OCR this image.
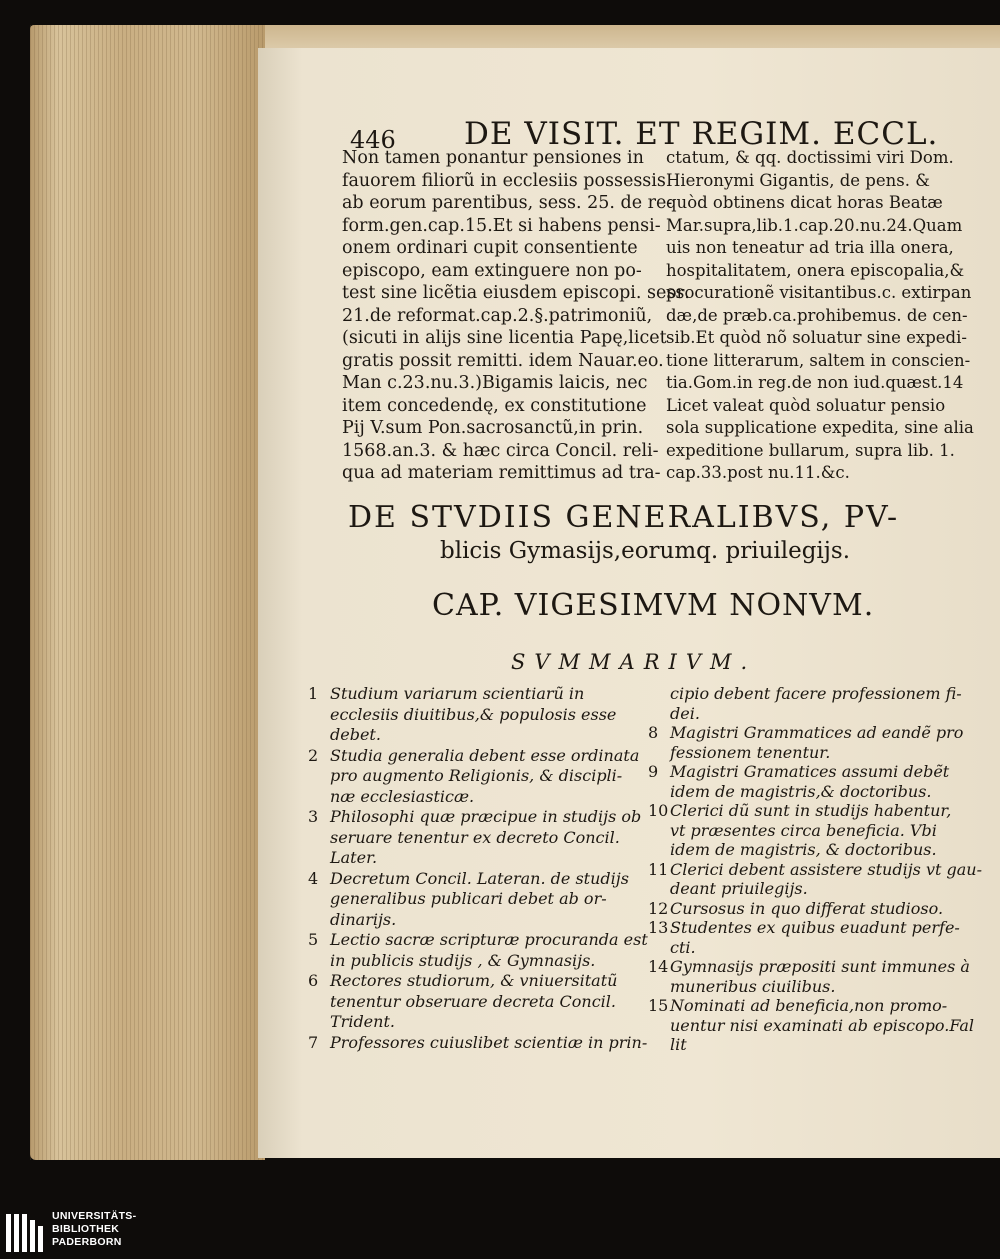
446 DE VISIT. ET REGIM. ECCL.
Non tamen ponantur pensiones in
fauorem filiorũ in ecclesiis possessis
ab eorum parentibus, sess. 25. de re-
form.gen.cap.15.Et si habens pensi-
onem ordinari cupit consentiente
episcopo, eam extinguere non po-
test sine licẽtia eiusdem episcopi. sess.
21.de reformat.cap.2.§.patrimoniũ,
(sicuti in alijs sine licentia Papę,licet
gratis possit remitti. idem Nauar.eo.
Man c.23.nu.3.)Bigamis laicis, nec
item concedendę, ex constitutione
Pij V.sum Pon.sacrosanctũ,in prin.
1568.an.3. & hæc circa Concil. reli-
qua ad materiam remittimus ad tra-
ctatum, & qq. doctissimi viri Dom.
Hieronymi Gigantis, de pens. &
quòd obtinens dicat horas Beatæ
Mar.supra,lib.1.cap.20.nu.24.Quam
uis non teneatur ad tria illa onera,
hospitalitatem, onera episcopalia,&
procurationẽ visitantibus.c. extirpan
dæ,de præb.ca.prohibemus. de cen-
sib.Et quòd nõ soluatur sine expedi-
tione litterarum, saltem in conscien-
tia.Gom.in reg.de non iud.quæst.14
Licet valeat quòd soluatur pensio
sola supplicatione expedita, sine alia
expeditione bullarum, supra lib. 1.
cap.33.post nu.11.&c.
DE STVDIIS GENERALIBVS, PV-
blicis Gymasijs,eorumq. priuilegijs.
CAP. VIGESIMVM NONVM.
SVMMARIVM.
1 Studium variarum scientiarũ in
ecclesiis diuitibus,& populosis esse
debet.
2 Studia generalia debent esse ordinata
pro augmento Religionis, & discipli-
næ ecclesiasticæ.
3 Philosophi quæ præcipue in studijs ob
seruare tenentur ex decreto Concil.
Later.
4 Decretum Concil. Lateran. de studijs
generalibus publicari debet ab or-
dinarijs.
5 Lectio sacræ scripturæ procuranda est
in publicis studijs , & Gymnasijs.
6 Rectores studiorum, & vniuersitatũ
tenentur obseruare decreta Concil.
Trident.
7 Professores cuiuslibet scientiæ in prin-
cipio debent facere professionem fi-
dei.
8 Magistri Grammatices ad eandẽ pro
fessionem tenentur.
9 Magistri Gramatices assumi debẽt
idem de magistris,& doctoribus.
10 Clerici dũ sunt in studijs habentur,
vt præsentes circa beneficia. Vbi
idem de magistris, & doctoribus.
11 Clerici debent assistere studijs vt gau-
deant priuilegijs.
12 Cursosus in quo differat studioso.
13 Studentes ex quibus euadunt perfe-
cti.
14 Gymnasijs præpositi sunt immunes à
muneribus ciuilibus.
15 Nominati ad beneficia,non promo-
uentur nisi examinati ab episcopo.Fal
lit
UNIVERSITÄTS-
BIBLIOTHEK
PADERBORN
